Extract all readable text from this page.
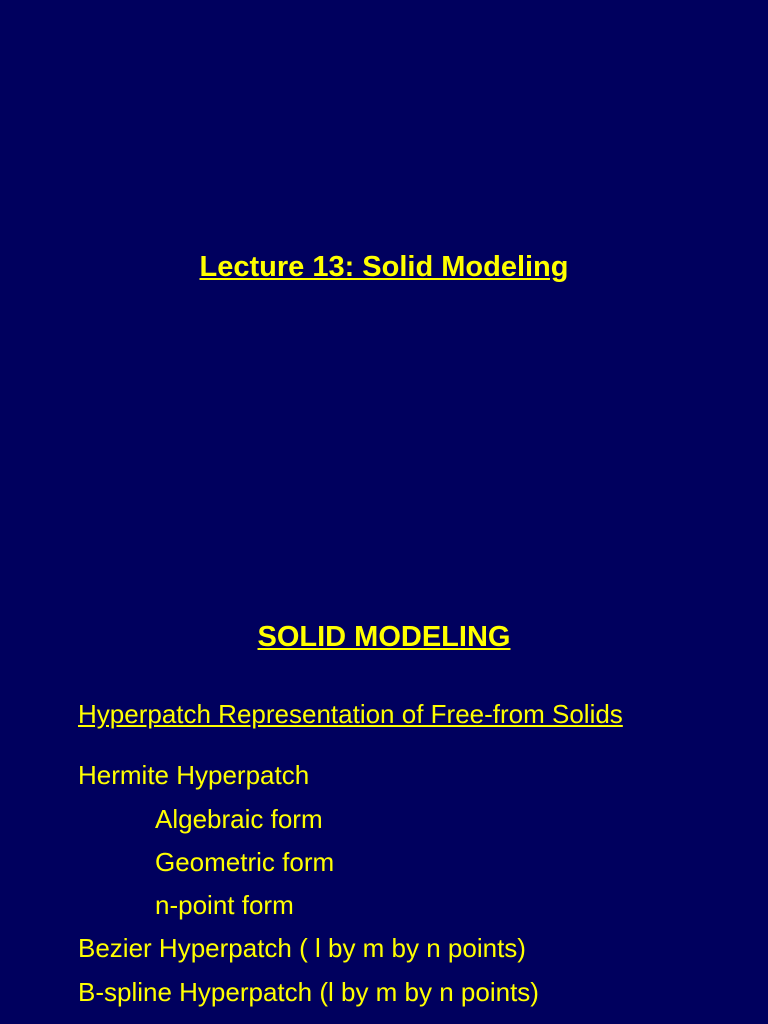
Lecture 13: Solid Modeling
SOLID MODELING

Hyperpatch Representation of Free-from Solids

Hermite Hyperpatch

Algebraic form

Geometric form

n-point form

Bezier Hyperpatch ( l by m by n points)

B-spline Hyperpatch (l by m by n points)
